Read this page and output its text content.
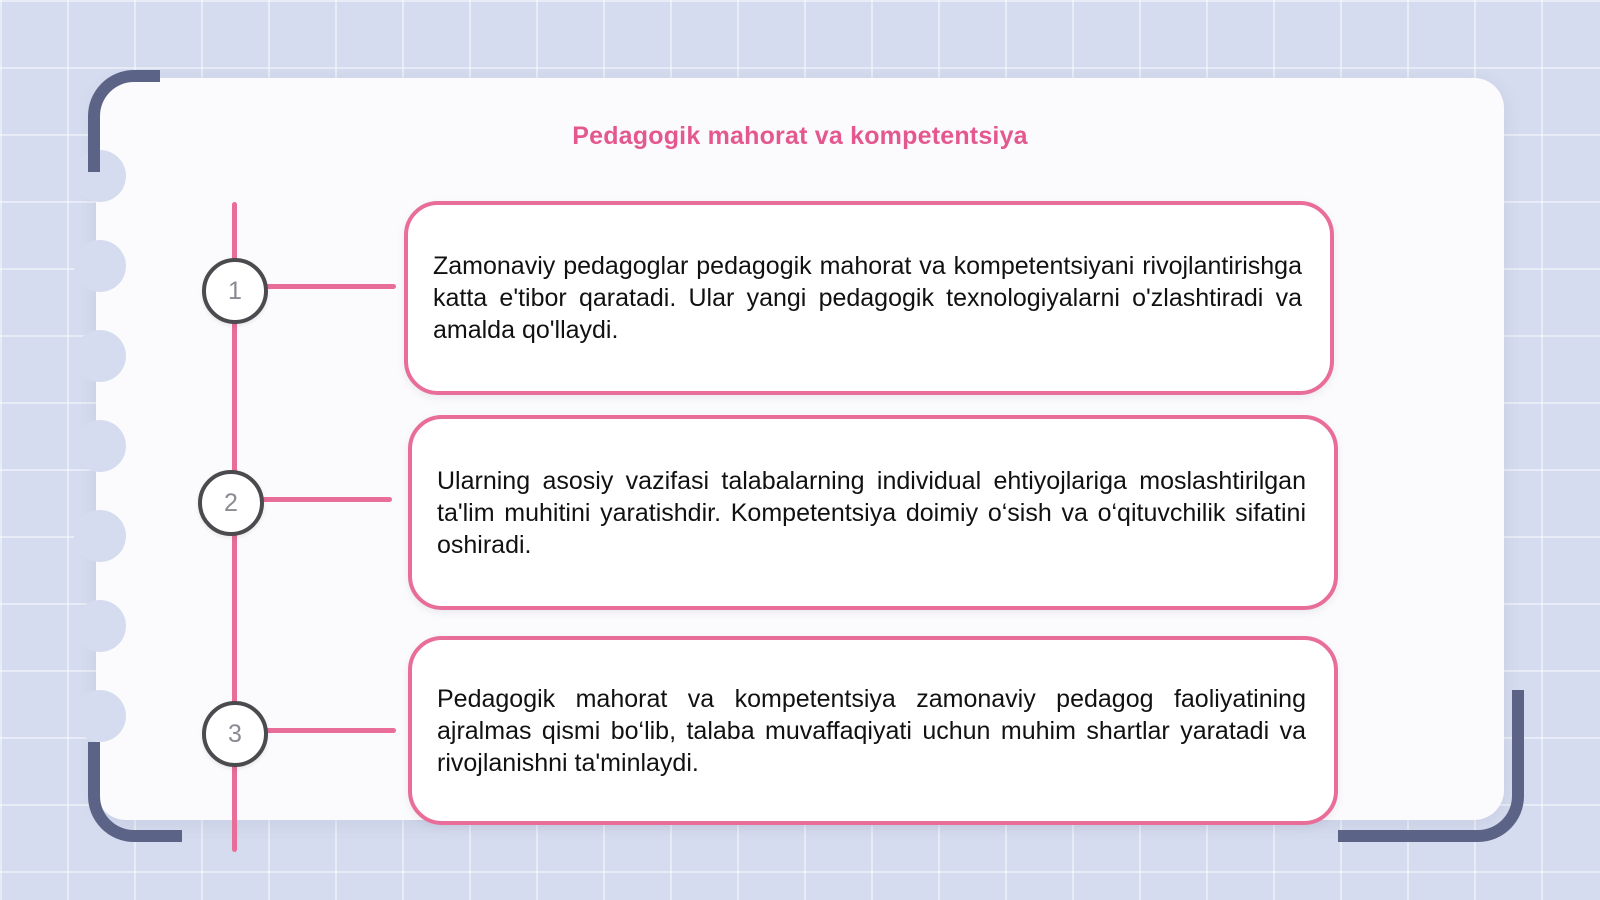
Pedagogik mahorat va kompetentsiya
1
2
3

Zamonaviy pedagoglar pedagogik mahorat va kompetentsiyani rivojlantirishga katta e'tibor qaratadi. Ular yangi pedagogik texnologiyalarni o'zlashtiradi va amalda qo'llaydi.

Ularning asosiy vazifasi talabalarning individual ehtiyojlariga moslashtirilgan ta'lim muhitini yaratishdir. Kompetentsiya doimiy o‘sish va o‘qituvchilik sifatini oshiradi.

Pedagogik mahorat va kompetentsiya zamonaviy pedagog faoliyatining ajralmas qismi bo‘lib, talaba muvaffaqiyati uchun muhim shartlar yaratadi va rivojlanishni ta'minlaydi.
